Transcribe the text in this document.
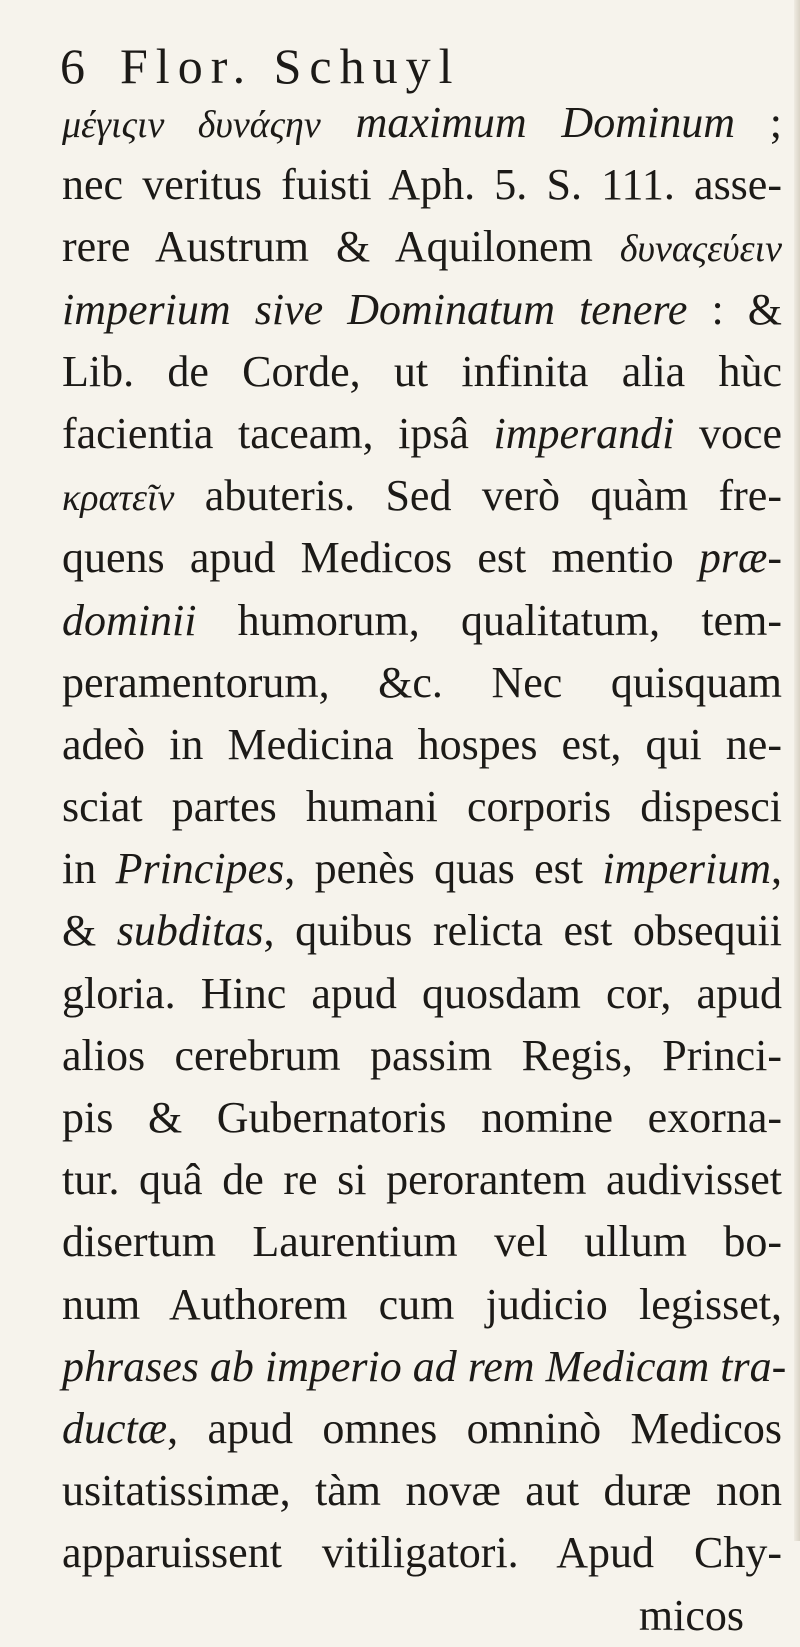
6 Flor. Schuyl
μέγιςιν δυνάςην maximum Dominum ;
nec veritus fuisti Aph. 5. S. 111. asse-
rere Austrum & Aquilonem δυναςεύειν
imperium sive Dominatum tenere : &
Lib. de Corde, ut infinita alia hùc
facientia taceam, ipsâ imperandi voce
κρατεῖν abuteris. Sed verò quàm fre-
quens apud Medicos est mentio præ-
dominii humorum, qualitatum, tem-
peramentorum, &c. Nec quisquam
adeò in Medicina hospes est, qui ne-
sciat partes humani corporis dispesci
in Principes, penès quas est imperium,
& subditas, quibus relicta est obsequii
gloria. Hinc apud quosdam cor, apud
alios cerebrum passim Regis, Princi-
pis & Gubernatoris nomine exorna-
tur. quâ de re si perorantem audivisset
disertum Laurentium vel ullum bo-
num Authorem cum judicio legisset,
phrases ab imperio ad rem Medicam tra-
ductæ, apud omnes omninò Medicos
usitatissimæ, tàm novæ aut duræ non
apparuissent vitiligatori. Apud Chy-
micos
